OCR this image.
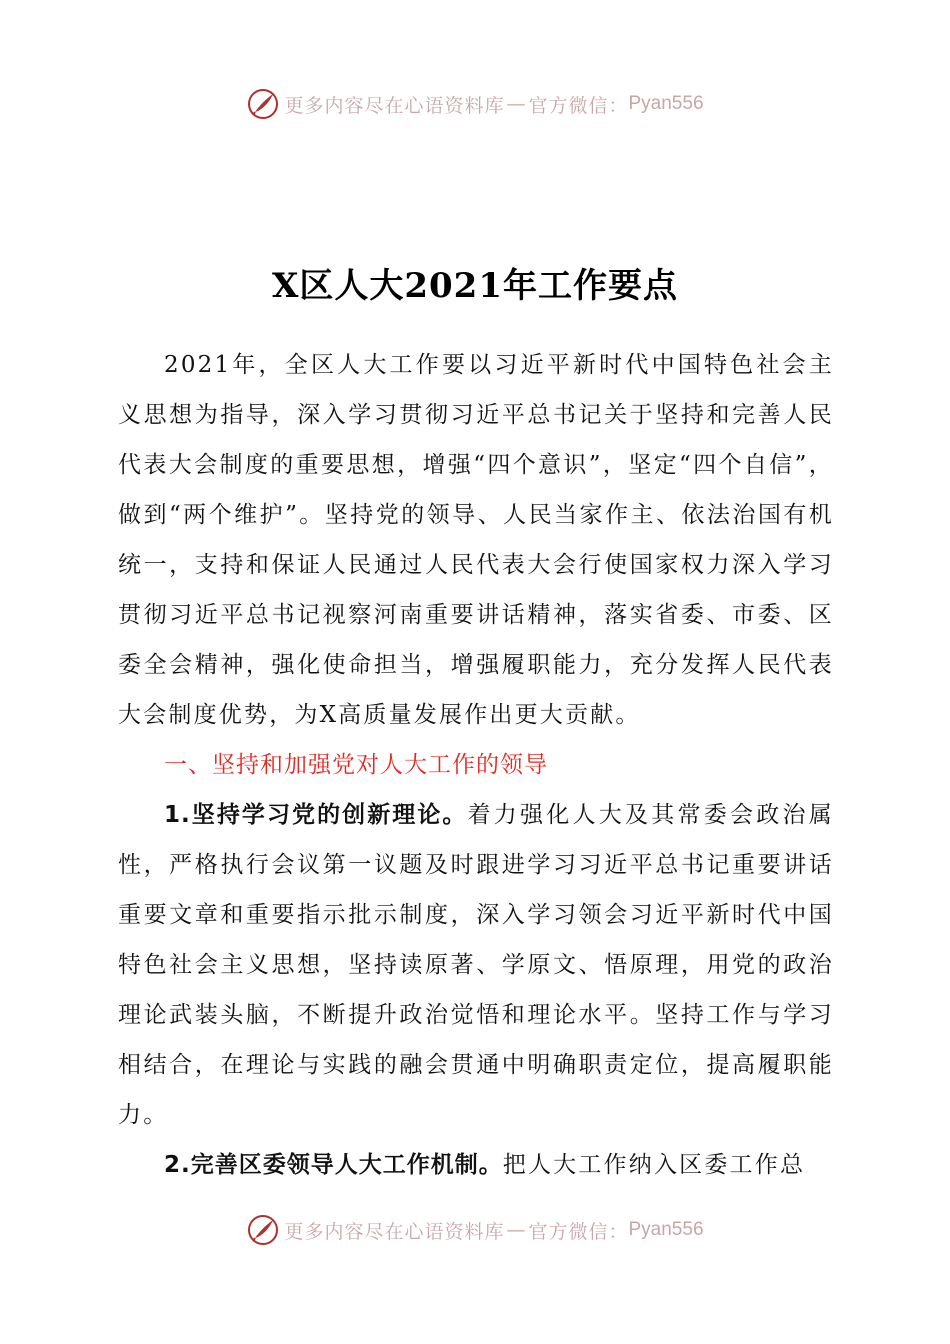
更多内容尽在心语资料库 — 官方微信： Pyan556
X区人大2021年工作要点

2021年，全区人大工作要以习近平新时代中国特色社会主义思想为指导，深入学习贯彻习近平总书记关于坚持和完善人民代表大会制度的重要思想，增强“四个意识”，坚定“四个自信”，做到“两个维护”。坚持党的领导、人民当家作主、依法治国有机统一，支持和保证人民通过人民代表大会行使国家权力深入学习贯彻习近平总书记视察河南重要讲话精神，落实省委、市委、区委全会精神，强化使命担当，增强履职能力，充分发挥人民代表大会制度优势，为X高质量发展作出更大贡献。

一、坚持和加强党对人大工作的领导

1.坚持学习党的创新理论。着力强化人大及其常委会政治属性，严格执行会议第一议题及时跟进学习习近平总书记重要讲话重要文章和重要指示批示制度，深入学习领会习近平新时代中国特色社会主义思想，坚持读原著、学原文、悟原理，用党的政治理论武装头脑，不断提升政治觉悟和理论水平。坚持工作与学习相结合，在理论与实践的融会贯通中明确职责定位，提高履职能力。

2.完善区委领导人大工作机制。把人大工作纳入区委工作总

更多内容尽在心语资料库 — 官方微信： Pyan556
